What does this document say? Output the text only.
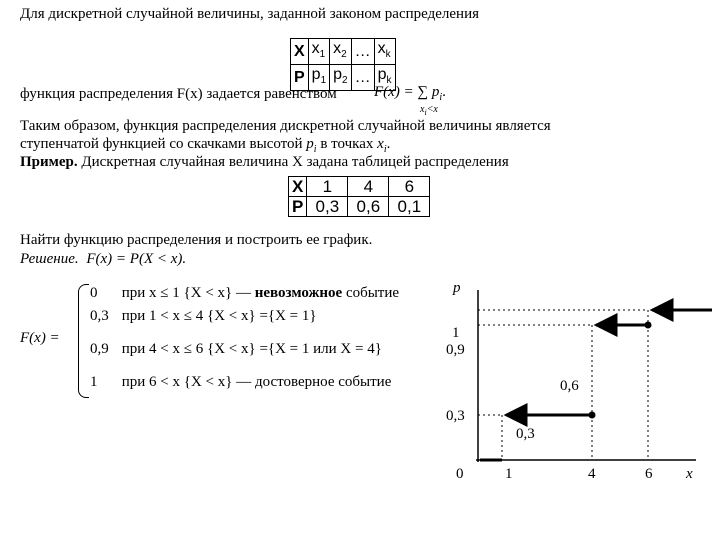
Для дискретной случайной величины, заданной законом распределения
X	$x_1$	$x_2$	…	$x_k$
P	$p_1$	$p_2$	…	$p_k$
функция распределения F(x) задается равенством F(x) = ∑ $p_i$.
$x_i<x$
Таким образом, функция распределения дискретной случайной величины является
ступенчатой функцией со скачками высотой $p_i$ в точках $x_i$.
Пример. Дискретная случайная величина X задана таблицей распределения
X	1	4	6
P	0,3	0,6	0,1
Найти функцию распределения и построить ее график.
Решение. F(x) = P(X < x).
F(x) =
0 при x ≤ 1 {X < x} — невозможное событие
0,3 при 1 < x ≤ 4 {X < x} ={X = 1}
0,9 при 4 < x ≤ 6 {X < x} ={X = 1 или X = 4}
1 при 6 < x {X < x} — достоверное событие
p
x
0	1	4	6
1
0,9
0,6
0,3
0,3
